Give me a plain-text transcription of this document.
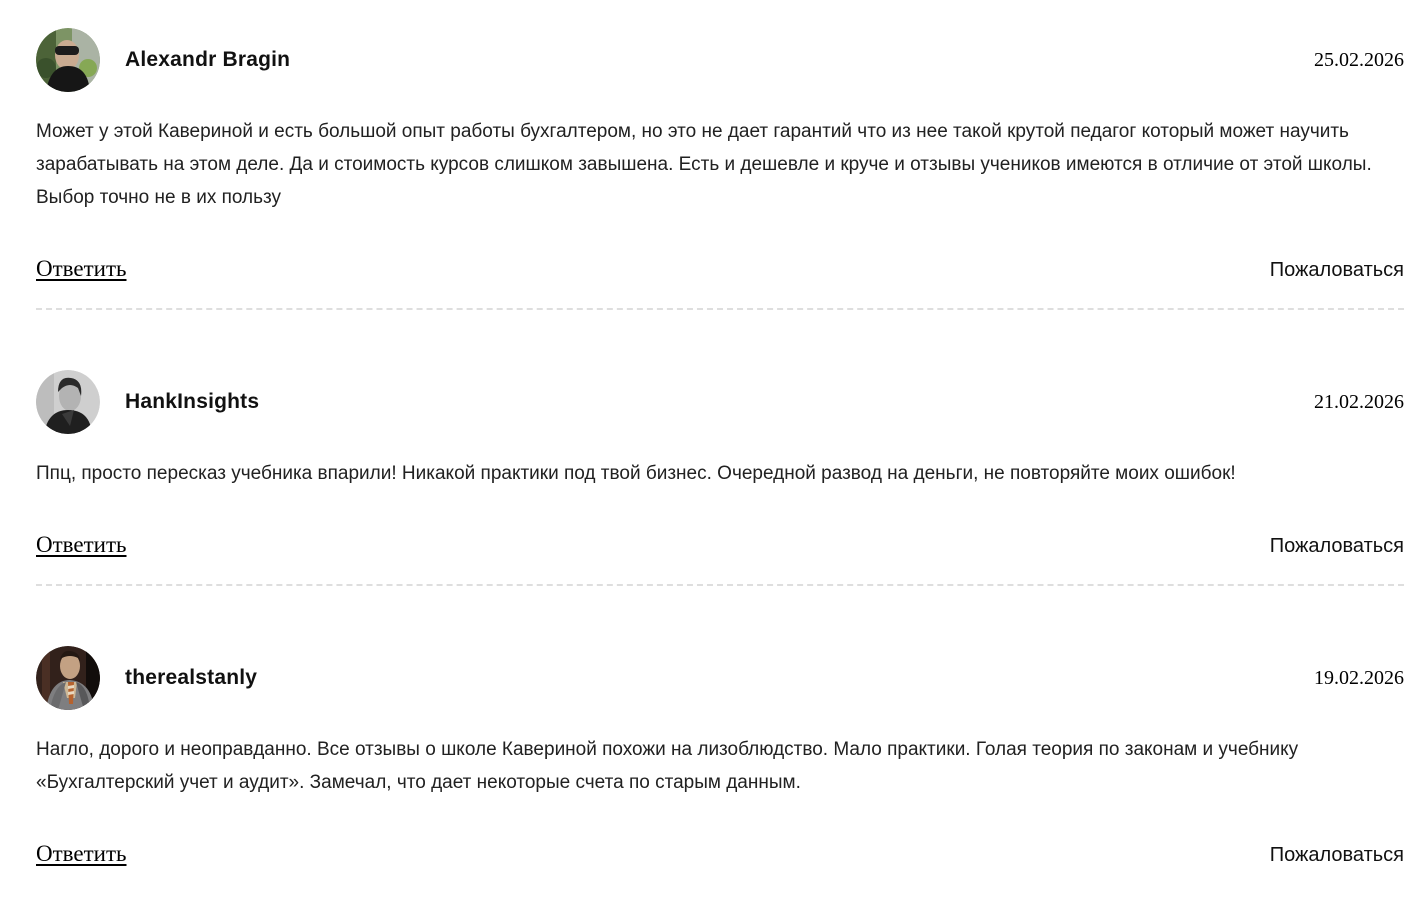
Alexandr Bragin	25.02.2026

Может у этой Кавериной и есть большой опыт работы бухгалтером, но это не дает гарантий что из нее такой крутой педагог который может научить зарабатывать на этом деле. Да и стоимость курсов слишком завышена. Есть и дешевле и круче и отзывы учеников имеются в отличие от этой школы. Выбор точно не в их пользу

Ответить	Пожаловаться
HankInsights	21.02.2026

Ппц, просто пересказ учебника впарили! Никакой практики под твой бизнес. Очередной развод на деньги, не повторяйте моих ошибок!

Ответить	Пожаловаться
therealstanly	19.02.2026

Нагло, дорого и неоправданно. Все отзывы о школе Кавериной похожи на лизоблюдство. Мало практики. Голая теория по законам и учебнику «Бухгалтерский учет и аудит». Замечал, что дает некоторые счета по старым данным.

Ответить	Пожаловаться
